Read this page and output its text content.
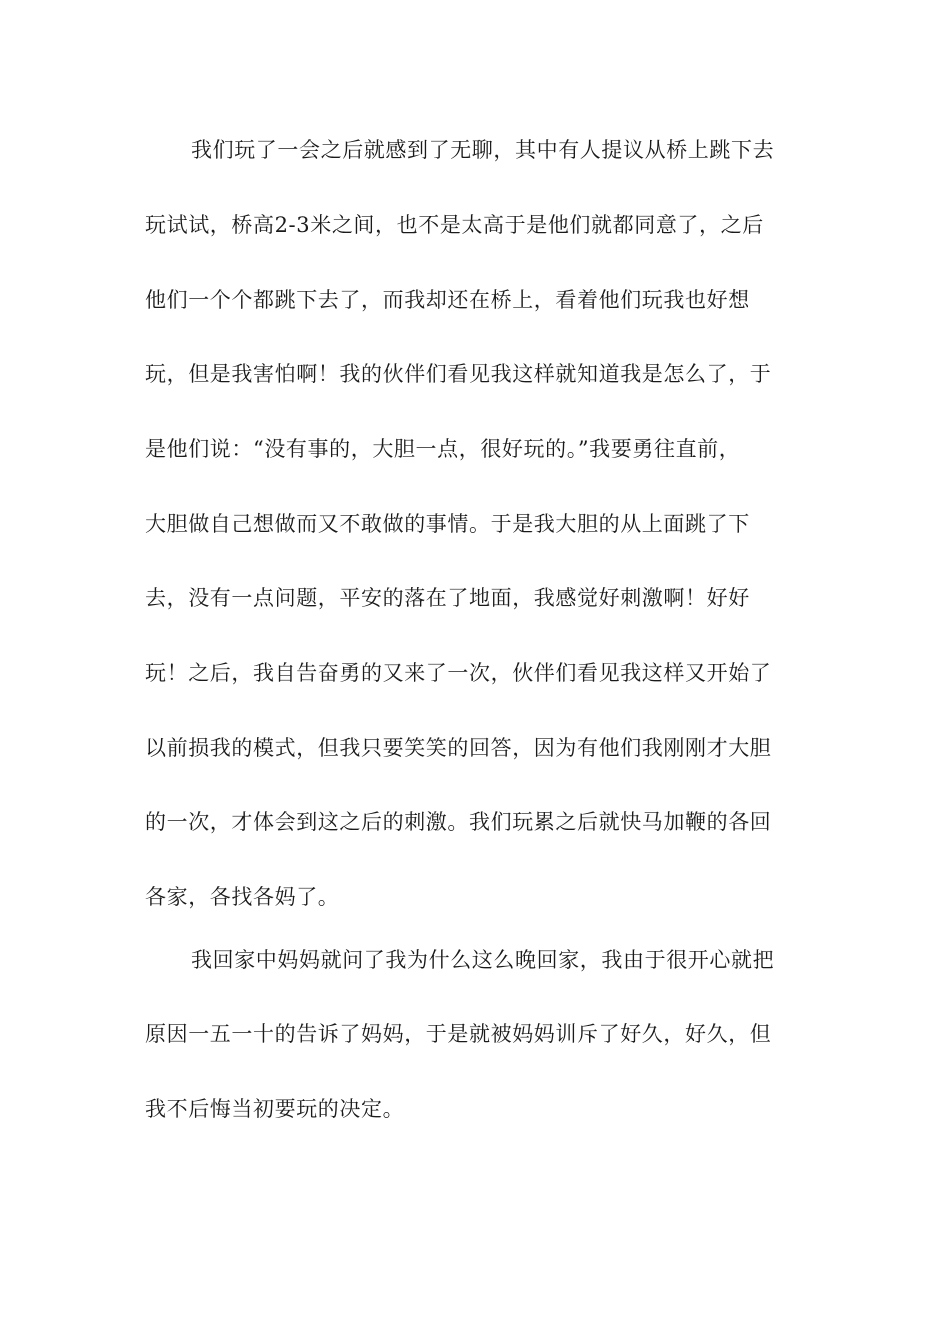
我们玩了一会之后就感到了无聊，其中有人提议从桥上跳下去
玩试试，桥高2-3米之间，也不是太高于是他们就都同意了，之后
他们一个个都跳下去了，而我却还在桥上，看着他们玩我也好想
玩，但是我害怕啊！我的伙伴们看见我这样就知道我是怎么了，于
是他们说：“没有事的，大胆一点，很好玩的。”我要勇往直前，
大胆做自己想做而又不敢做的事情。于是我大胆的从上面跳了下
去，没有一点问题，平安的落在了地面，我感觉好刺激啊！好好
玩！之后，我自告奋勇的又来了一次，伙伴们看见我这样又开始了
以前损我的模式，但我只要笑笑的回答，因为有他们我刚刚才大胆
的一次，才体会到这之后的刺激。我们玩累之后就快马加鞭的各回
各家，各找各妈了。
我回家中妈妈就问了我为什么这么晚回家，我由于很开心就把
原因一五一十的告诉了妈妈，于是就被妈妈训斥了好久，好久，但
我不后悔当初要玩的决定。
